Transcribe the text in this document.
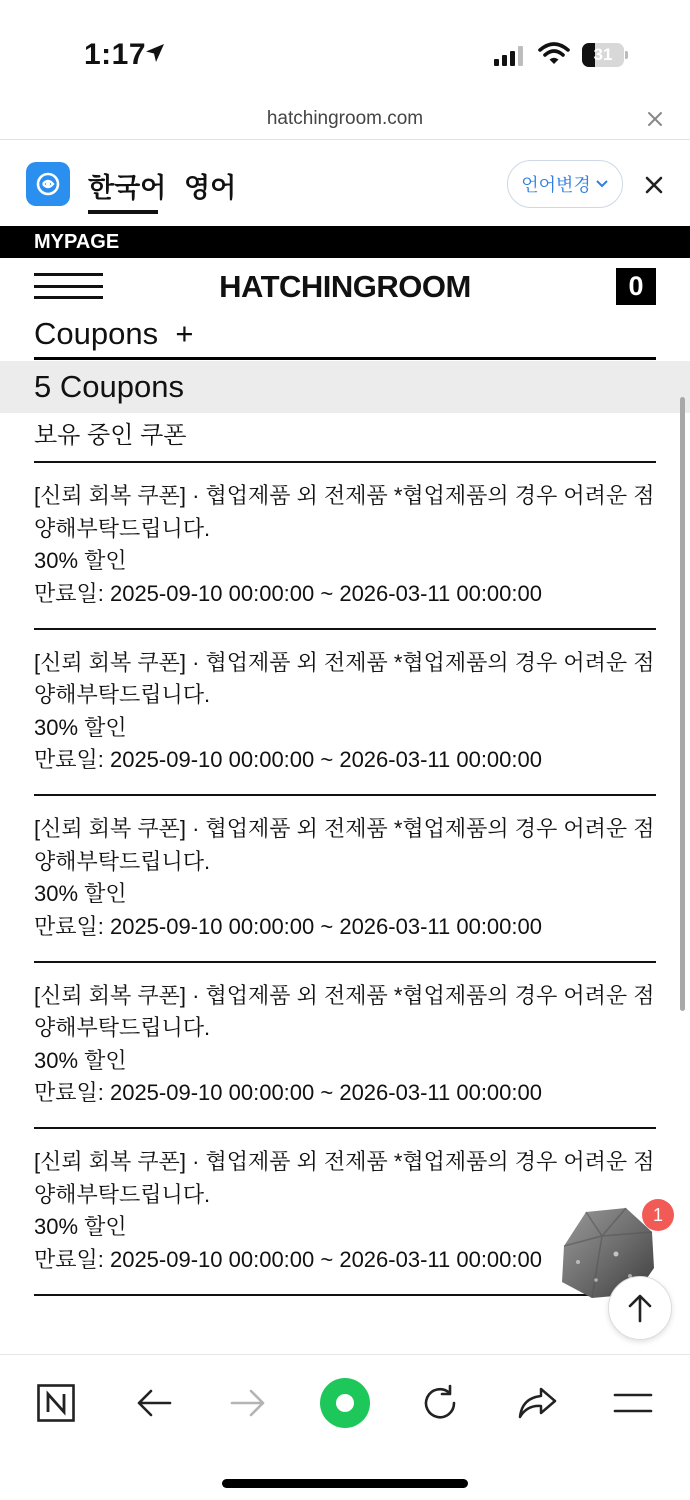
1:17	31
hatchingroom.com
한국어 영어	언어변경
MYPAGE
HATCHINGROOM	0
Coupons  +
5 Coupons
보유 중인 쿠폰
[신뢰 회복 쿠폰] · 협업제품 외 전제품 *협업제품의 경우 어려운 점 양해부탁드립니다.
30% 할인
만료일: 2025-09-10 00:00:00 ~ 2026-03-11 00:00:00
[신뢰 회복 쿠폰] · 협업제품 외 전제품 *협업제품의 경우 어려운 점 양해부탁드립니다.
30% 할인
만료일: 2025-09-10 00:00:00 ~ 2026-03-11 00:00:00
[신뢰 회복 쿠폰] · 협업제품 외 전제품 *협업제품의 경우 어려운 점 양해부탁드립니다.
30% 할인
만료일: 2025-09-10 00:00:00 ~ 2026-03-11 00:00:00
[신뢰 회복 쿠폰] · 협업제품 외 전제품 *협업제품의 경우 어려운 점 양해부탁드립니다.
30% 할인
만료일: 2025-09-10 00:00:00 ~ 2026-03-11 00:00:00
[신뢰 회복 쿠폰] · 협업제품 외 전제품 *협업제품의 경우 어려운 점 양해부탁드립니다.
30% 할인
만료일: 2025-09-10 00:00:00 ~ 2026-03-11 00:00:00
1
